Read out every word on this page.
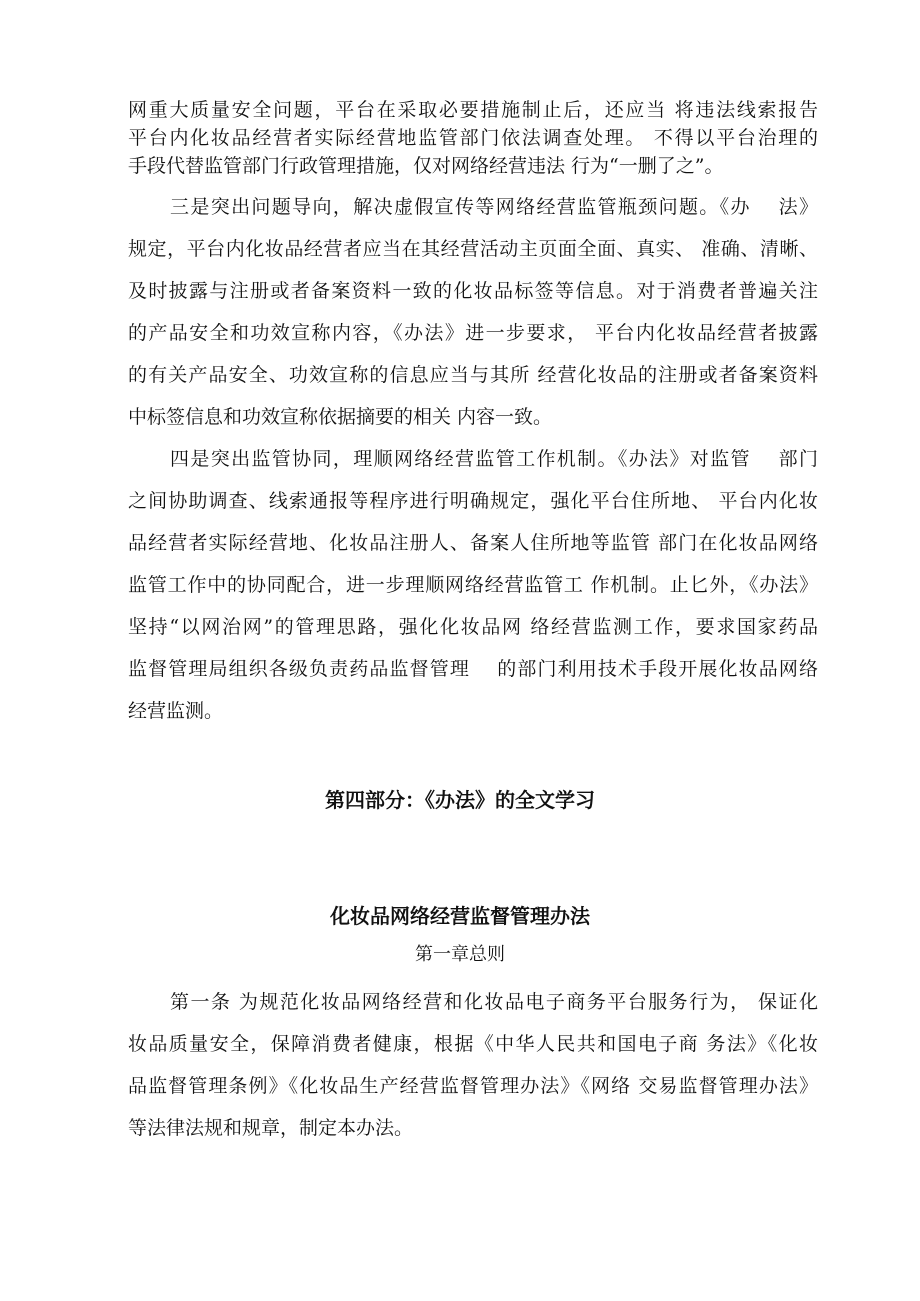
网重大质量安全问题，平台在采取必要措施制止后，还应当 将违法线索报告
平台内化妆品经营者实际经营地监管部门依法调查处理。 不得以平台治理的
手段代替监管部门行政管理措施，仅对网络经营违法 行为“一删了之”。
三是突出问题导向，解决虚假宣传等网络经营监管瓶颈问题。《办　 法》
规定，平台内化妆品经营者应当在其经营活动主页面全面、真实、 准确、清晰、
及时披露与注册或者备案资料一致的化妆品标签等信息。对于消费者普遍关注
的产品安全和功效宣称内容，《办法》进一步要求， 平台内化妆品经营者披露
的有关产品安全、功效宣称的信息应当与其所 经营化妆品的注册或者备案资料
中标签信息和功效宣称依据摘要的相关 内容一致。
四是突出监管协同，理顺网络经营监管工作机制。《办法》对监管　 部门
之间协助调查、线索通报等程序进行明确规定，强化平台住所地、 平台内化妆
品经营者实际经营地、化妆品注册人、备案人住所地等监管 部门在化妆品网络
监管工作中的协同配合，进一步理顺网络经营监管工 作机制。止匕外，《办法》
坚持“以网治网”的管理思路，强化化妆品网 络经营监测工作，要求国家药品
监督管理局组织各级负责药品监督管理　 的部门利用技术手段开展化妆品网络
经营监测。
第四部分：《办法》的全文学习
化妆品网络经营监督管理办法
第一章总则
第一条 为规范化妆品网络经营和化妆品电子商务平台服务行为， 保证化
妆品质量安全，保障消费者健康，根据《中华人民共和国电子商 务法》《化妆
品监督管理条例》《化妆品生产经营监督管理办法》《网络 交易监督管理办法》
等法律法规和规章，制定本办法。
